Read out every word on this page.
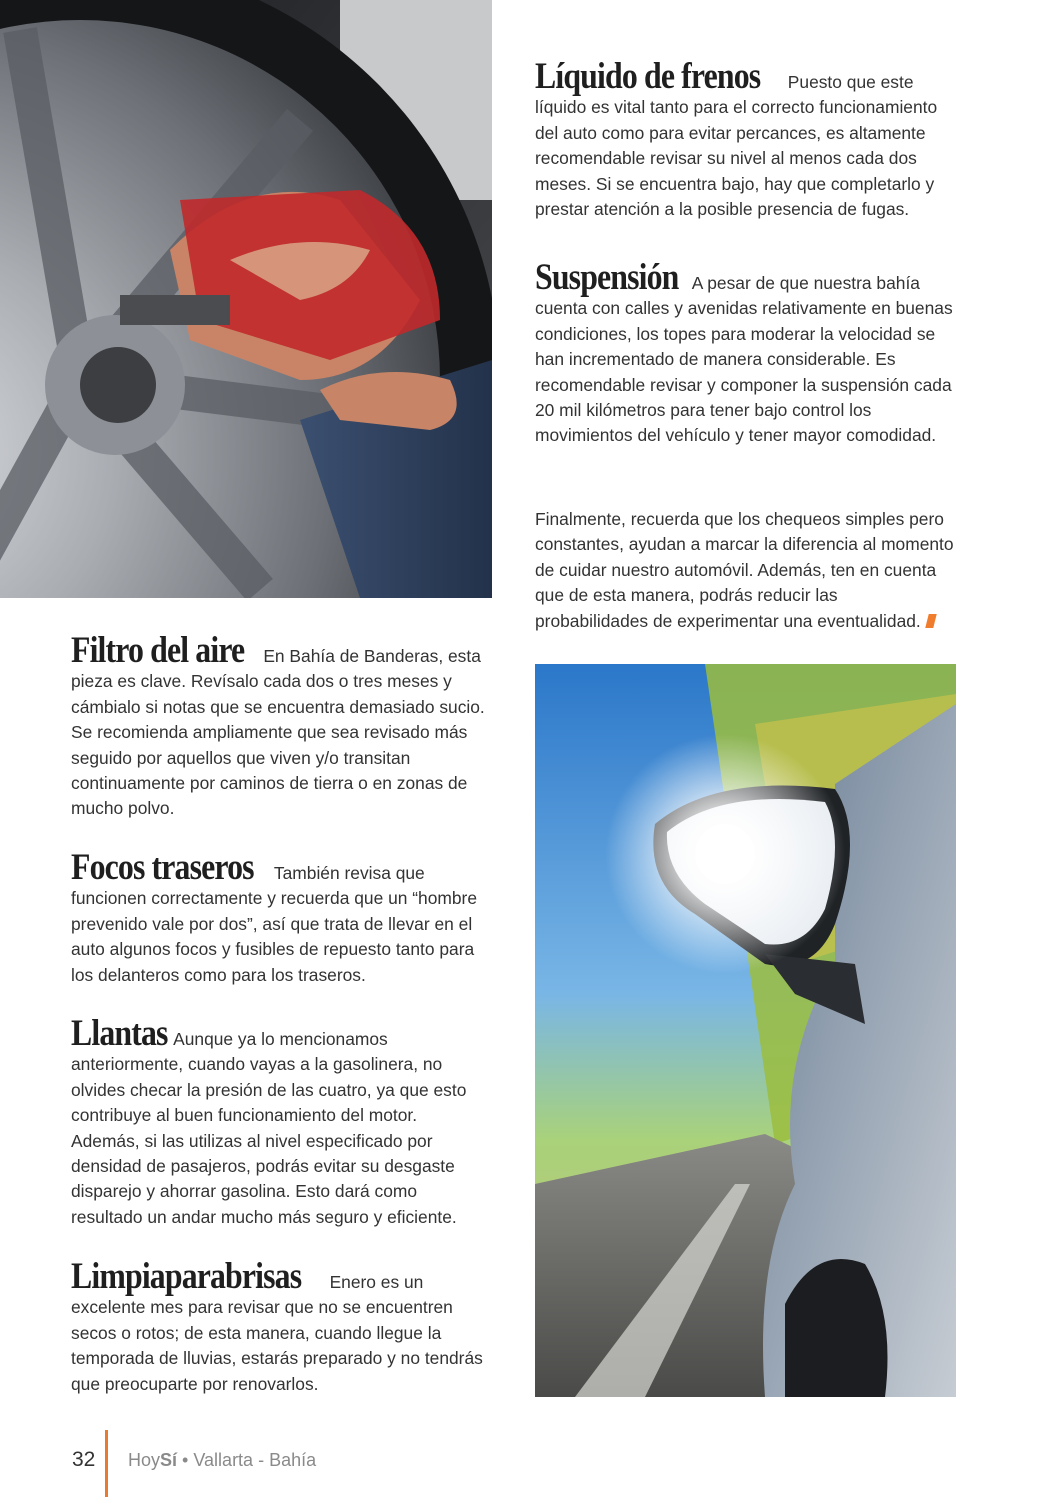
Líquido de frenos Puesto que este líquido es vital tanto para el correcto funcionamiento del auto como para evitar percances, es altamente recomendable revisar su nivel al menos cada dos meses. Si se encuentra bajo, hay que completarlo y prestar atención a la posible presencia de fugas.

Suspensión A pesar de que nuestra bahía cuenta con calles y avenidas relativamente en buenas condiciones, los topes para moderar la velocidad se han incrementado de manera considerable. Es recomendable revisar y componer la suspensión cada 20 mil kilómetros para tener bajo control los movimientos del vehículo y tener mayor comodidad.

Finalmente, recuerda que los chequeos simples pero constantes, ayudan a marcar la diferencia al momento de cuidar nuestro automóvil. Además, ten en cuenta que de esta manera, podrás reducir las probabilidades de experimentar una eventualidad.

Filtro del aire En Bahía de Banderas, esta pieza es clave. Revísalo cada dos o tres meses y cámbialo si notas que se encuentra demasiado sucio. Se recomienda ampliamente que sea revisado más seguido por aquellos que viven y/o transitan continuamente por caminos de tierra o en zonas de mucho polvo.

Focos traseros También revisa que funcionen correctamente y recuerda que un “hombre prevenido vale por dos”, así que trata de llevar en el auto algunos focos y fusibles de repuesto tanto para los delanteros como para los traseros.

Llantas Aunque ya lo mencionamos anteriormente, cuando vayas a la gasolinera, no olvides checar la presión de las cuatro, ya que esto contribuye al buen funcionamiento del motor. Además, si las utilizas al nivel especificado por densidad de pasajeros, podrás evitar su desgaste disparejo y ahorrar gasolina. Esto dará como resultado un andar mucho más seguro y eficiente.

Limpiaparabrisas Enero es un excelente mes para revisar que no se encuentren secos o rotos; de esta manera, cuando llegue la temporada de lluvias, estarás preparado y no tendrás que preocuparte por renovarlos.

32 HoySí • Vallarta - Bahía
